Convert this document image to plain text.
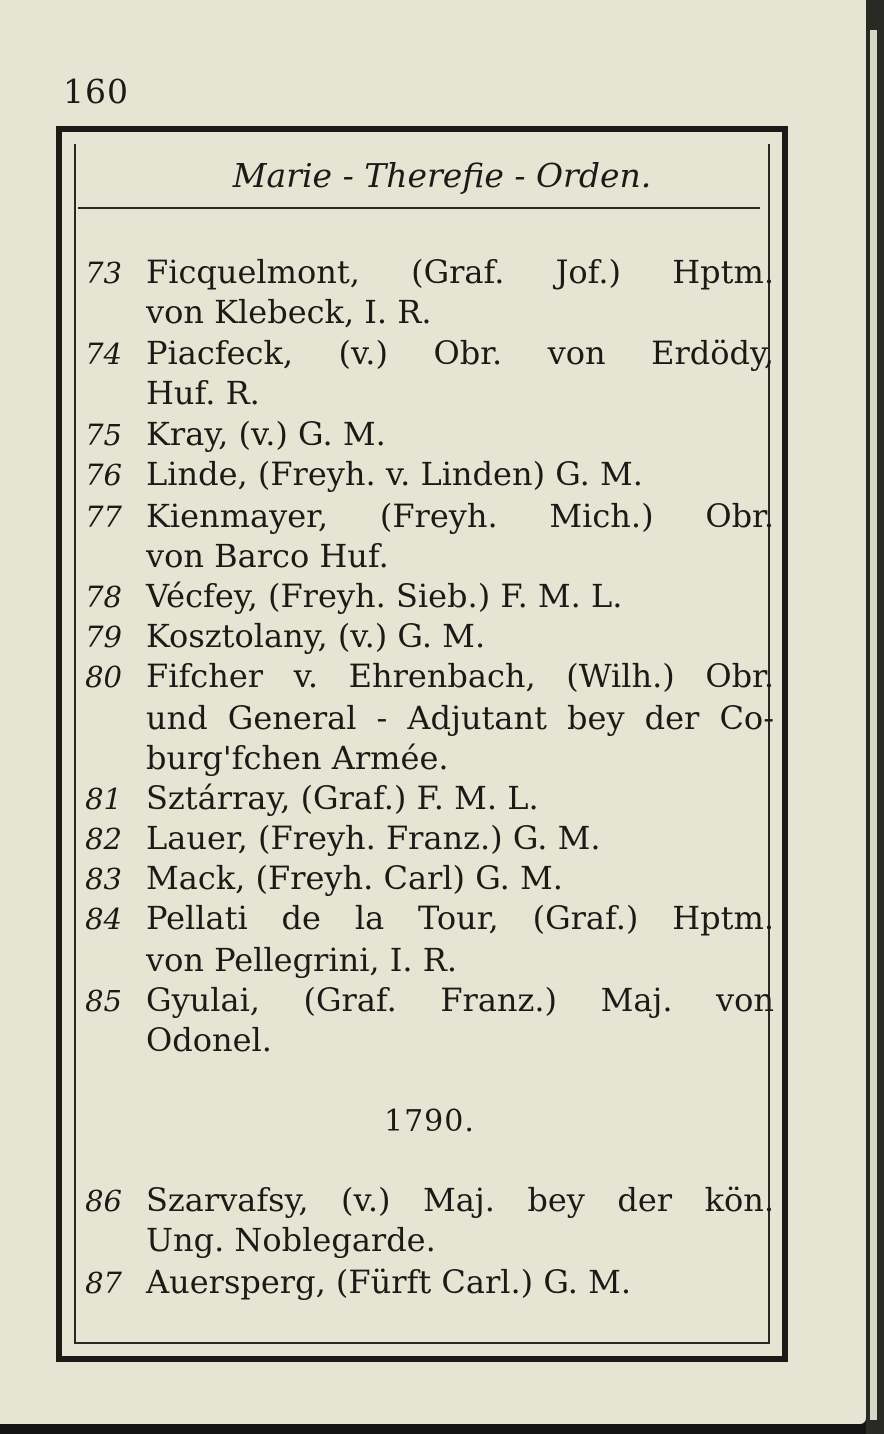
160
Marie - Therefie - Orden.
73 Ficquelmont, (Graf. Jof.) Hptm.
von Klebeck, I. R.
74 Piacfeck, (v.) Obr. von Erdödy,
Huf. R.
75 Kray, (v.) G. M.
76 Linde, (Freyh. v. Linden) G. M.
77 Kienmayer, (Freyh. Mich.) Obr.
von Barco Huf.
78 Vécfey, (Freyh. Sieb.) F. M. L.
79 Kosztolany, (v.) G. M.
80 Fifcher v. Ehrenbach, (Wilh.) Obr.
und General - Adjutant bey der Co-
burg'fchen Armée.
81 Sztárray, (Graf.) F. M. L.
82 Lauer, (Freyh. Franz.) G. M.
83 Mack, (Freyh. Carl) G. M.
84 Pellati de la Tour, (Graf.) Hptm.
von Pellegrini, I. R.
85 Gyulai, (Graf. Franz.) Maj. von
Odonel.
86 Szarvafsy, (v.) Maj. bey der kön.
Ung. Noblegarde.
87 Auersperg, (Fürft Carl.) G. M.
1790.
